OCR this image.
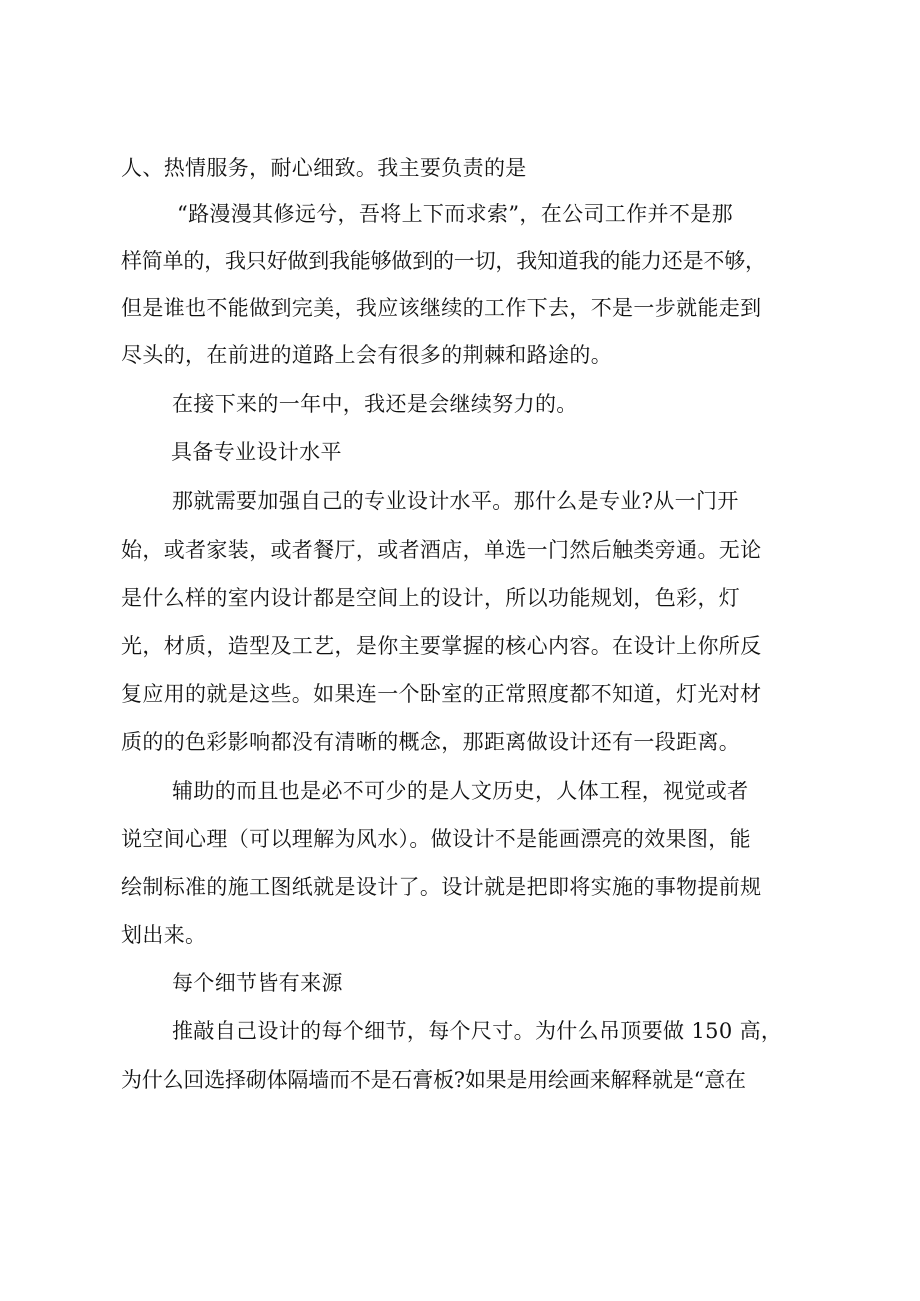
人、热情服务，耐心细致。我主要负责的是
“路漫漫其修远兮，吾将上下而求索”，在公司工作并不是那
样简单的，我只好做到我能够做到的一切，我知道我的能力还是不够，
但是谁也不能做到完美，我应该继续的工作下去，不是一步就能走到
尽头的，在前进的道路上会有很多的荆棘和路途的。
在接下来的一年中，我还是会继续努力的。
具备专业设计水平
那就需要加强自己的专业设计水平。那什么是专业?从一门开
始，或者家装，或者餐厅，或者酒店，单选一门然后触类旁通。无论
是什么样的室内设计都是空间上的设计，所以功能规划，色彩，灯
光，材质，造型及工艺，是你主要掌握的核心内容。在设计上你所反
复应用的就是这些。如果连一个卧室的正常照度都不知道，灯光对材
质的的色彩影响都没有清晰的概念，那距离做设计还有一段距离。
辅助的而且也是必不可少的是人文历史，人体工程，视觉或者
说空间心理（可以理解为风水）。做设计不是能画漂亮的效果图，能
绘制标准的施工图纸就是设计了。设计就是把即将实施的事物提前规
划出来。
每个细节皆有来源
推敲自己设计的每个细节，每个尺寸。为什么吊顶要做 150 高，
为什么回选择砌体隔墙而不是石膏板?如果是用绘画来解释就是“意在
